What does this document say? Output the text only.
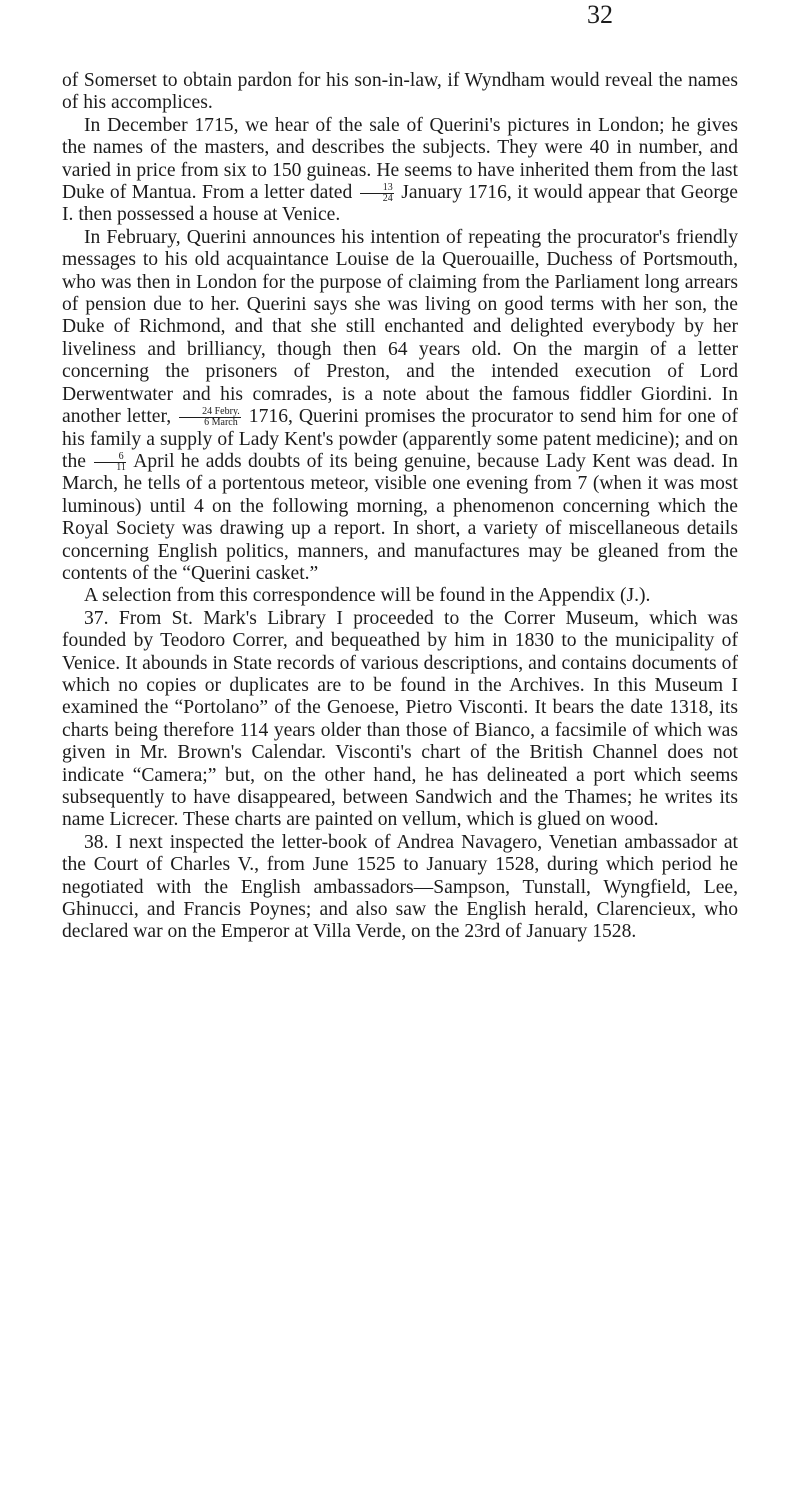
32

of Somerset to obtain pardon for his son-in-law, if Wyndham would reveal the names of his accomplices.

In December 1715, we hear of the sale of Querini's pictures in London; he gives the names of the masters, and describes the subjects. They were 40 in number, and varied in price from six to 150 guineas. He seems to have inherited them from the last Duke of Mantua. From a letter dated $\frac{13}{24}$ January 1716, it would appear that George I. then possessed a house at Venice.

In February, Querini announces his intention of repeating the procurator's friendly messages to his old acquaintance Louise de la Querouaille, Duchess of Portsmouth, who was then in London for the purpose of claiming from the Parliament long arrears of pension due to her. Querini says she was living on good terms with her son, the Duke of Richmond, and that she still enchanted and delighted everybody by her liveliness and brilliancy, though then 64 years old. On the margin of a letter concerning the prisoners of Preston, and the intended execution of Lord Derwentwater and his comrades, is a note about the famous fiddler Giordini. In another letter, $\frac{\text{24 Febry.}}{\text{6 March}} 1716$, Querini promises the procurator to send him for one of his family a supply of Lady Kent's powder (apparently some patent medicine); and on the $\frac{6}{11}$ April he adds doubts of its being genuine, because Lady Kent was dead. In March, he tells of a portentous meteor, visible one evening from 7 (when it was most luminous) until 4 on the following morning, a phenomenon concerning which the Royal Society was drawing up a report. In short, a variety of miscellaneous details concerning English politics, manners, and manufactures may be gleaned from the contents of the “Querini casket.”

A selection from this correspondence will be found in the Appendix (J.).

37. From St. Mark's Library I proceeded to the Correr Museum, which was founded by Teodoro Correr, and bequeathed by him in 1830 to the municipality of Venice. It abounds in State records of various descriptions, and contains documents of which no copies or duplicates are to be found in the Archives. In this Museum I examined the “Portolano” of the Genoese, Pietro Visconti. It bears the date 1318, its charts being therefore 114 years older than those of Bianco, a facsimile of which was given in Mr. Brown's Calendar. Visconti's chart of the British Channel does not indicate “Camera;” but, on the other hand, he has delineated a port which seems subsequently to have disappeared, between Sandwich and the Thames; he writes its name Licrecer. These charts are painted on vellum, which is glued on wood.

38. I next inspected the letter-book of Andrea Navagero, Venetian ambassador at the Court of Charles V., from June 1525 to January 1528, during which period he negotiated with the English ambassadors—Sampson, Tunstall, Wyngfield, Lee, Ghinucci, and Francis Poynes; and also saw the English herald, Clarencieux, who declared war on the Emperor at Villa Verde, on the 23rd of January 1528.
